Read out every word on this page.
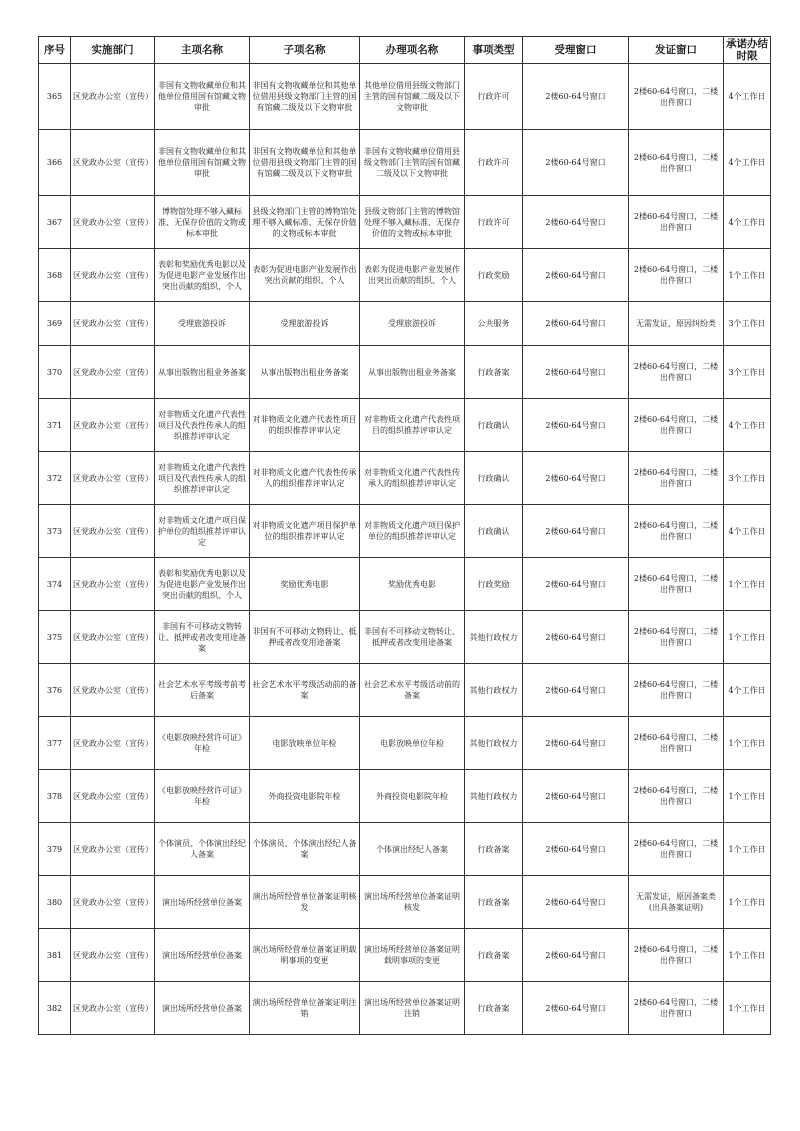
序号	实施部门	主项名称	子项名称	办理项名称	事项类型	受理窗口	发证窗口	承诺办结时限
365	区党政办公室（宣传）	非国有文物收藏单位和其他单位借用国有馆藏文物审批	非国有文物收藏单位和其他单位借用县级文物部门主管的国有馆藏二级及以下文物审批	其他单位借用县级文物部门主管的国有馆藏二级及以下文物审批	行政许可	2楼60-64号窗口	2楼60-64号窗口，二楼出件窗口	4个工作日
366	区党政办公室（宣传）	非国有文物收藏单位和其他单位借用国有馆藏文物审批	非国有文物收藏单位和其他单位借用县级文物部门主管的国有馆藏二级及以下文物审批	非国有文物收藏单位借用县级文物部门主管的国有馆藏二级及以下文物审批	行政许可	2楼60-64号窗口	2楼60-64号窗口，二楼出件窗口	4个工作日
367	区党政办公室（宣传）	博物馆处理不够入藏标准、无保存价值的文物或标本审批	县级文物部门主管的博物馆处理不够入藏标准、无保存价值的文物或标本审批	县级文物部门主管的博物馆处理不够入藏标准、无保存价值的文物或标本审批	行政许可	2楼60-64号窗口	2楼60-64号窗口，二楼出件窗口	4个工作日
368	区党政办公室（宣传）	表彰和奖励优秀电影以及为促进电影产业发展作出突出贡献的组织、个人	表彰为促进电影产业发展作出突出贡献的组织、个人	表彰为促进电影产业发展作出突出贡献的组织、个人	行政奖励	2楼60-64号窗口	2楼60-64号窗口，二楼出件窗口	1个工作日
369	区党政办公室（宣传）	受理旅游投诉	受理旅游投诉	受理旅游投诉	公共服务	2楼60-64号窗口	无需发证，原因纠纷类	3个工作日
370	区党政办公室（宣传）	从事出版物出租业务备案	从事出版物出租业务备案	从事出版物出租业务备案	行政备案	2楼60-64号窗口	2楼60-64号窗口，二楼出件窗口	3个工作日
371	区党政办公室（宣传）	对非物质文化遗产代表性项目及代表性传承人的组织推荐评审认定	对非物质文化遗产代表性项目的组织推荐评审认定	对非物质文化遗产代表性项目的组织推荐评审认定	行政确认	2楼60-64号窗口	2楼60-64号窗口，二楼出件窗口	4个工作日
372	区党政办公室（宣传）	对非物质文化遗产代表性项目及代表性传承人的组织推荐评审认定	对非物质文化遗产代表性传承人的组织推荐评审认定	对非物质文化遗产代表性传承人的组织推荐评审认定	行政确认	2楼60-64号窗口	2楼60-64号窗口，二楼出件窗口	3个工作日
373	区党政办公室（宣传）	对非物质文化遗产项目保护单位的组织推荐评审认定	对非物质文化遗产项目保护单位的组织推荐评审认定	对非物质文化遗产项目保护单位的组织推荐评审认定	行政确认	2楼60-64号窗口	2楼60-64号窗口，二楼出件窗口	4个工作日
374	区党政办公室（宣传）	表彰和奖励优秀电影以及为促进电影产业发展作出突出贡献的组织、个人	奖励优秀电影	奖励优秀电影	行政奖励	2楼60-64号窗口	2楼60-64号窗口，二楼出件窗口	1个工作日
375	区党政办公室（宣传）	非国有不可移动文物转让、抵押或者改变用途备案	非国有不可移动文物转让、抵押或者改变用途备案	非国有不可移动文物转让、抵押或者改变用途备案	其他行政权力	2楼60-64号窗口	2楼60-64号窗口，二楼出件窗口	1个工作日
376	区党政办公室（宣传）	社会艺术水平考级考前考后备案	社会艺术水平考级活动前的备案	社会艺术水平考级活动前的备案	其他行政权力	2楼60-64号窗口	2楼60-64号窗口，二楼出件窗口	4个工作日
377	区党政办公室（宣传）	《电影放映经营许可证》年检	电影放映单位年检	电影放映单位年检	其他行政权力	2楼60-64号窗口	2楼60-64号窗口，二楼出件窗口	1个工作日
378	区党政办公室（宣传）	《电影放映经营许可证》年检	外商投资电影院年检	外商投资电影院年检	其他行政权力	2楼60-64号窗口	2楼60-64号窗口，二楼出件窗口	1个工作日
379	区党政办公室（宣传）	个体演员、个体演出经纪人备案	个体演员、个体演出经纪人备案	个体演出经纪人备案	行政备案	2楼60-64号窗口	2楼60-64号窗口，二楼出件窗口	1个工作日
380	区党政办公室（宣传）	演出场所经营单位备案	演出场所经营单位备案证明核发	演出场所经营单位备案证明核发	行政备案	2楼60-64号窗口	无需发证，原因备案类(出具备案证明)	1个工作日
381	区党政办公室（宣传）	演出场所经营单位备案	演出场所经营单位备案证明载明事项的变更	演出场所经营单位备案证明载明事项的变更	行政备案	2楼60-64号窗口	2楼60-64号窗口，二楼出件窗口	1个工作日
382	区党政办公室（宣传）	演出场所经营单位备案	演出场所经营单位备案证明注销	演出场所经营单位备案证明注销	行政备案	2楼60-64号窗口	2楼60-64号窗口，二楼出件窗口	1个工作日
